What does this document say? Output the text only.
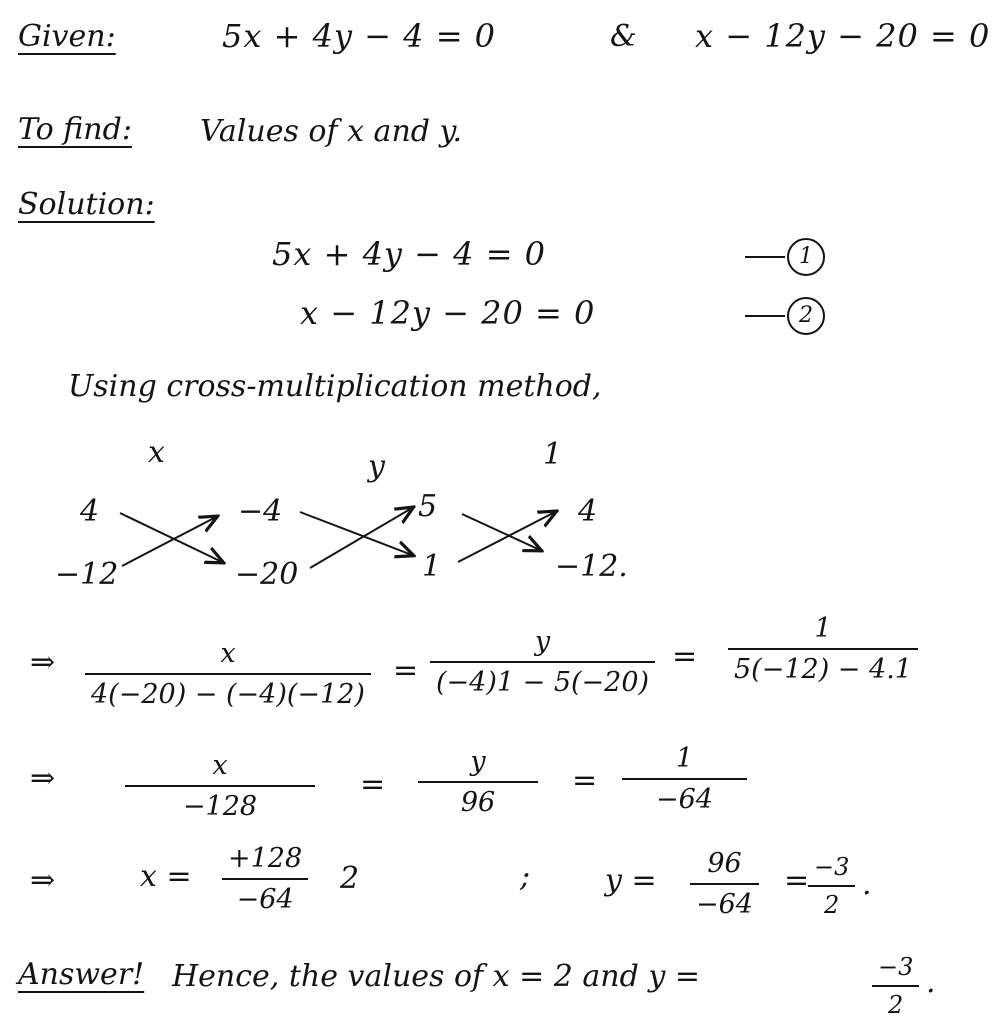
Given:	5x + 4y − 4 = 0	& x − 12y − 20 = 0
To find: Values of x and y.
Solution:
5x + 4y − 4 = 0	1
x − 12y − 20 = 0	2
Using cross-multiplication method,
x	y	1
4	−4	5	4
−12	−20	1	−12.
⇒	x
4(−20) − (−4)(−12)
=
y
(−4)1 − 5(−20)
=
1
5(−12) − 4.1
⇒	x
−128
=
y
96
=
1
−64
⇒	x =
+128
−64
2	; y = 96
−64
= −3
2
.
Answer! Hence, the values of x = 2 and y =	−3
2
.
